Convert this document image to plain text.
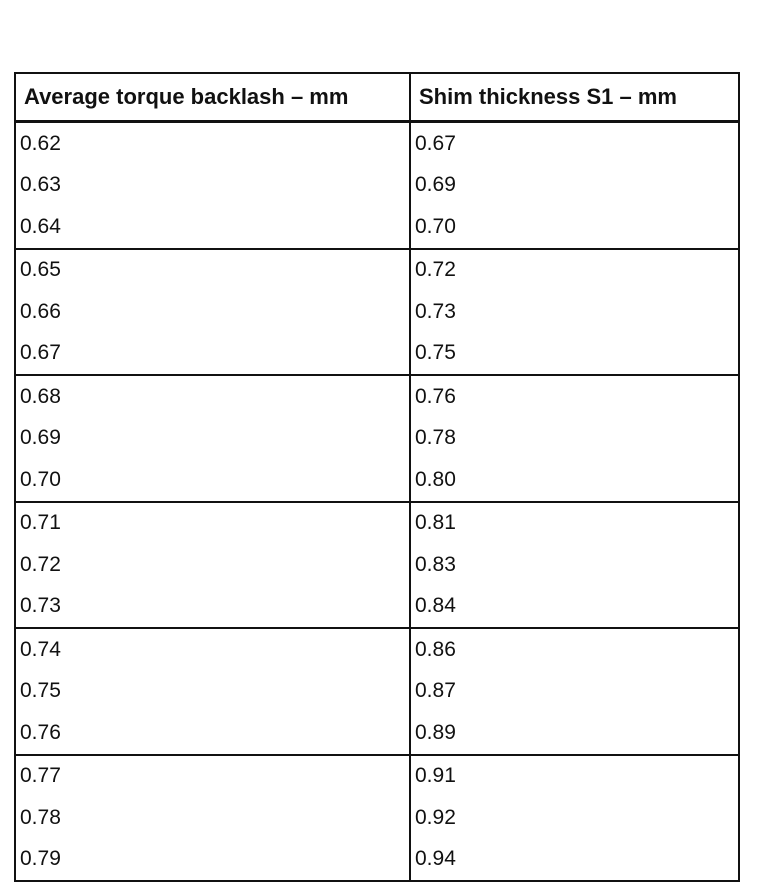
Average torque backlash – mm	Shim thickness S1 – mm
0.62	0.67
0.63	0.69
0.64	0.70
0.65	0.72
0.66	0.73
0.67	0.75
0.68	0.76
0.69	0.78
0.70	0.80
0.71	0.81
0.72	0.83
0.73	0.84
0.74	0.86
0.75	0.87
0.76	0.89
0.77	0.91
0.78	0.92
0.79	0.94
